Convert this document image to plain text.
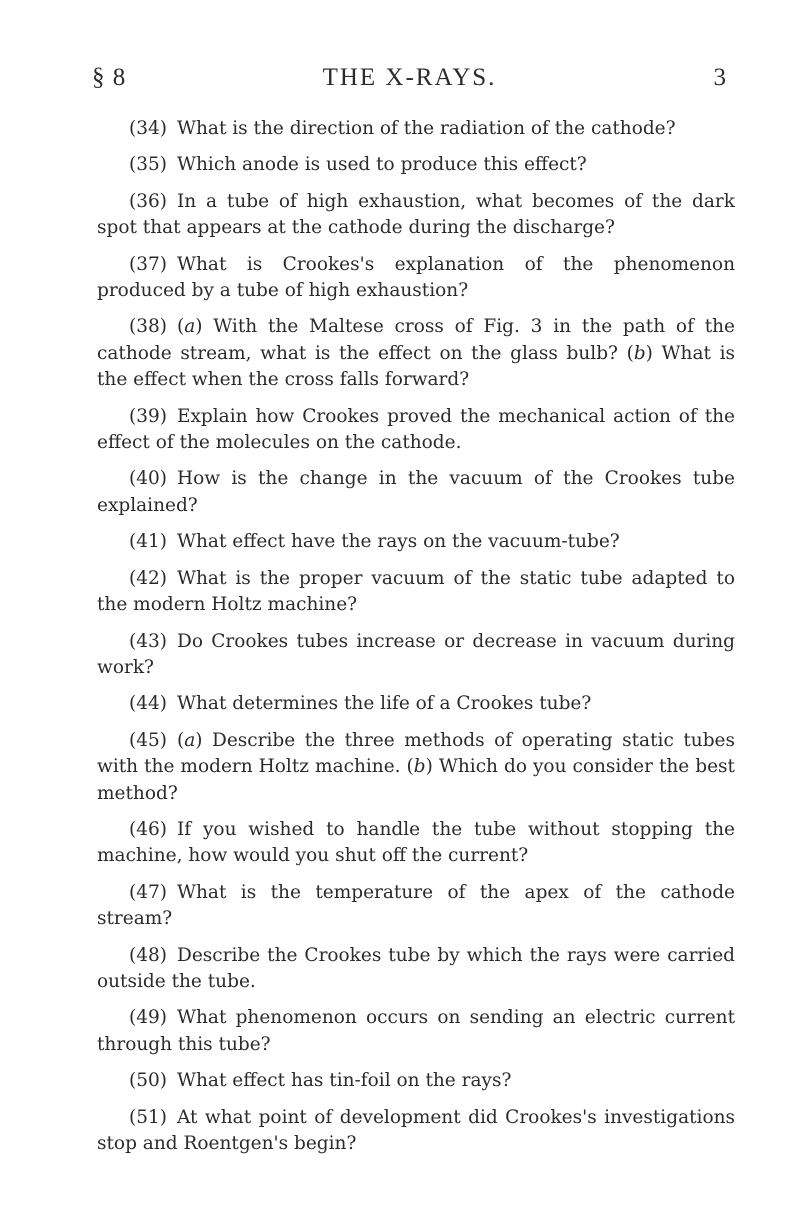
§ 8	THE X-RAYS.	3

(34) What is the direction of the radiation of the cathode?

(35) Which anode is used to produce this effect?

(36) In a tube of high exhaustion, what becomes of the dark spot that appears at the cathode during the discharge?

(37) What is Crookes's explanation of the phenomenon produced by a tube of high exhaustion?

(38) (a) With the Maltese cross of Fig. 3 in the path of the cathode stream, what is the effect on the glass bulb? (b) What is the effect when the cross falls forward?

(39) Explain how Crookes proved the mechanical action of the effect of the molecules on the cathode.

(40) How is the change in the vacuum of the Crookes tube explained?

(41) What effect have the rays on the vacuum-tube?

(42) What is the proper vacuum of the static tube adapted to the modern Holtz machine?

(43) Do Crookes tubes increase or decrease in vacuum during work?

(44) What determines the life of a Crookes tube?

(45) (a) Describe the three methods of operating static tubes with the modern Holtz machine. (b) Which do you consider the best method?

(46) If you wished to handle the tube without stopping the machine, how would you shut off the current?

(47) What is the temperature of the apex of the cathode stream?

(48) Describe the Crookes tube by which the rays were carried outside the tube.

(49) What phenomenon occurs on sending an electric current through this tube?

(50) What effect has tin-foil on the rays?

(51) At what point of development did Crookes's investigations stop and Roentgen's begin?
